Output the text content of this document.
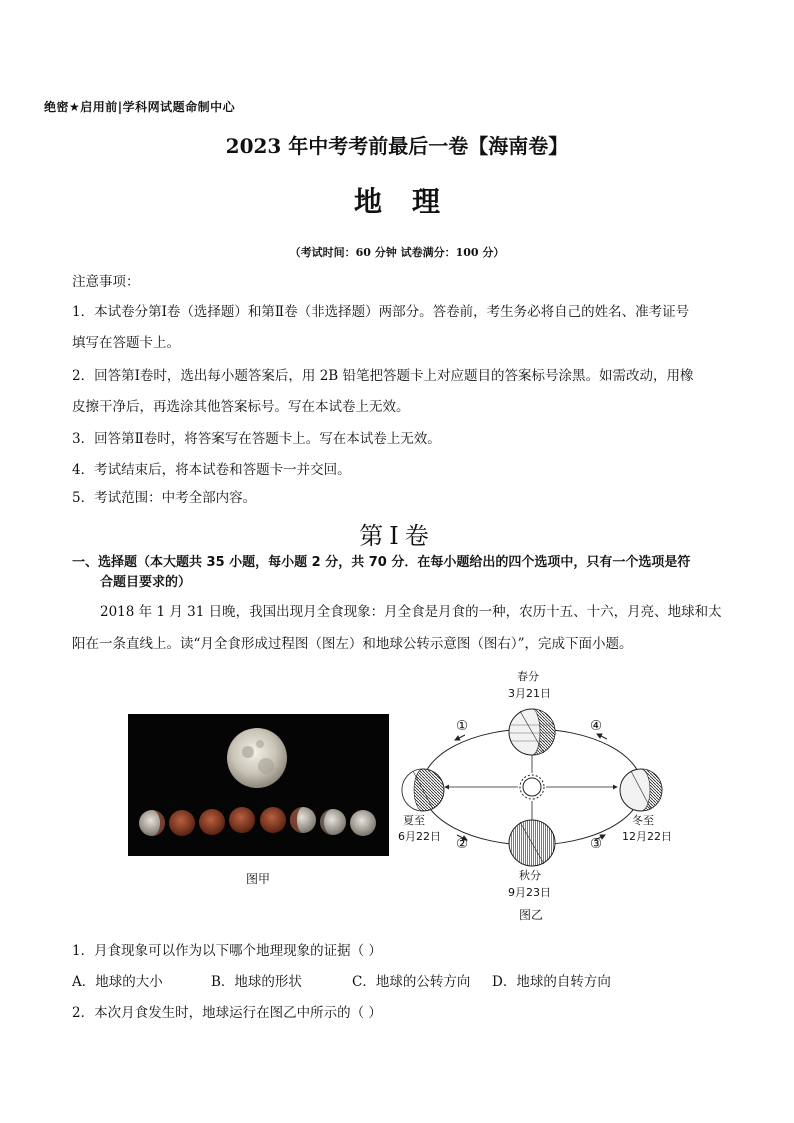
绝密★启用前|学科网试题命制中心
2023 年中考考前最后一卷【海南卷】
地理
（考试时间：60 分钟 试卷满分：100 分）
注意事项：
1．本试卷分第Ⅰ卷（选择题）和第Ⅱ卷（非选择题）两部分。答卷前，考生务必将自己的姓名、准考证号
填写在答题卡上。
2．回答第Ⅰ卷时，选出每小题答案后，用 2B 铅笔把答题卡上对应题目的答案标号涂黑。如需改动，用橡
皮擦干净后，再选涂其他答案标号。写在本试卷上无效。
3．回答第Ⅱ卷时，将答案写在答题卡上。写在本试卷上无效。
4．考试结束后，将本试卷和答题卡一并交回。
5．考试范围：中考全部内容。
第Ⅰ卷
一、选择题（本大题共 35 小题，每小题 2 分，共 70 分．在每小题给出的四个选项中，只有一个选项是符
合题目要求的）
2018 年 1 月 31 日晚，我国出现月全食现象：月全食是月食的一种，农历十五、十六，月亮、地球和太
阳在一条直线上。读“月全食形成过程图（图左）和地球公转示意图（图右）”，完成下面小题。
图甲
春分
3月21日
夏至
6月22日
秋分
9月23日
冬至
12月22日
①
②	③
④
图乙
1．月食现象可以作为以下哪个地理现象的证据（ ）
A．地球的大小	B．地球的形状	C．地球的公转方向 D．地球的自转方向
2．本次月食发生时，地球运行在图乙中所示的（ ）
